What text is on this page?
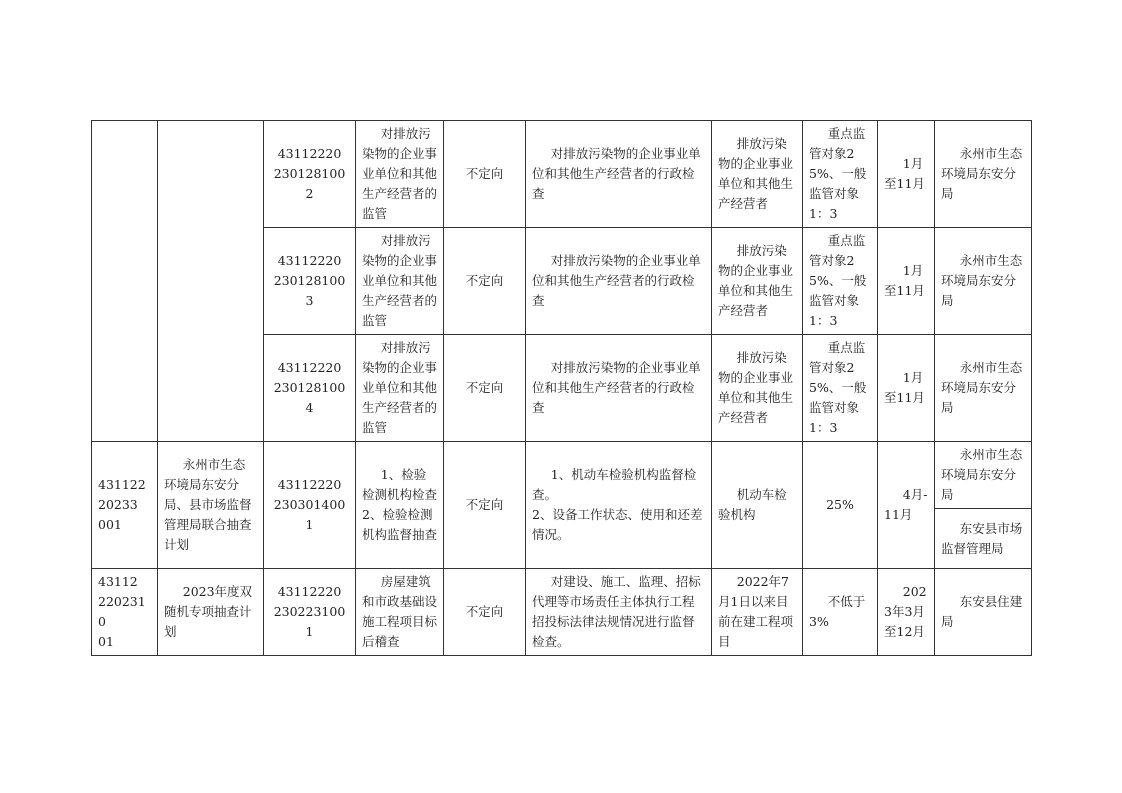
		43112220
2301281002	对排放污染物的企业事业单位和其他生产经营者的监管	不定向	对排放污染物的企业事业单位和其他生产经营者的行政检查	排放污染物的企业事业单位和其他生产经营者	重点监管对象25%、一般监管对象1：3	1月至11月	永州市生态环境局东安分局

		43112220
2301281003	对排放污染物的企业事业单位和其他生产经营者的监管	不定向	对排放污染物的企业事业单位和其他生产经营者的行政检查	排放污染物的企业事业单位和其他生产经营者	重点监管对象25%、一般监管对象1：3	1月至11月	永州市生态环境局东安分局

		43112220
2301281004	对排放污染物的企业事业单位和其他生产经营者的监管	不定向	对排放污染物的企业事业单位和其他生产经营者的行政检查	排放污染物的企业事业单位和其他生产经营者	重点监管对象25%、一般监管对象1：3	1月至11月	永州市生态环境局东安分局

431122
20233
001	永州市生态环境局东安分局、县市场监督管理局联合抽查计划	43112220
2303014001	1、检验检测机构检查
2、检验检测机构监督抽查	不定向	1、机动车检验机构监督检查。
2、设备工作状态、使用和还差情况。	机动车检验机构	25%	4月-11月	永州市生态环境局东安分局

									东安县市场监督管理局

43112
2202310
01	2023年度双随机专项抽查计划	43112220
2302231001	房屋建筑和市政基础设施工程项目标后稽查	不定向	对建设、施工、监理、招标代理等市场责任主体执行工程招投标法律法规情况进行监督检查。	2022年7月1日以来目前在建工程项目	不低于3%	2023年3月至12月	东安县住建局
